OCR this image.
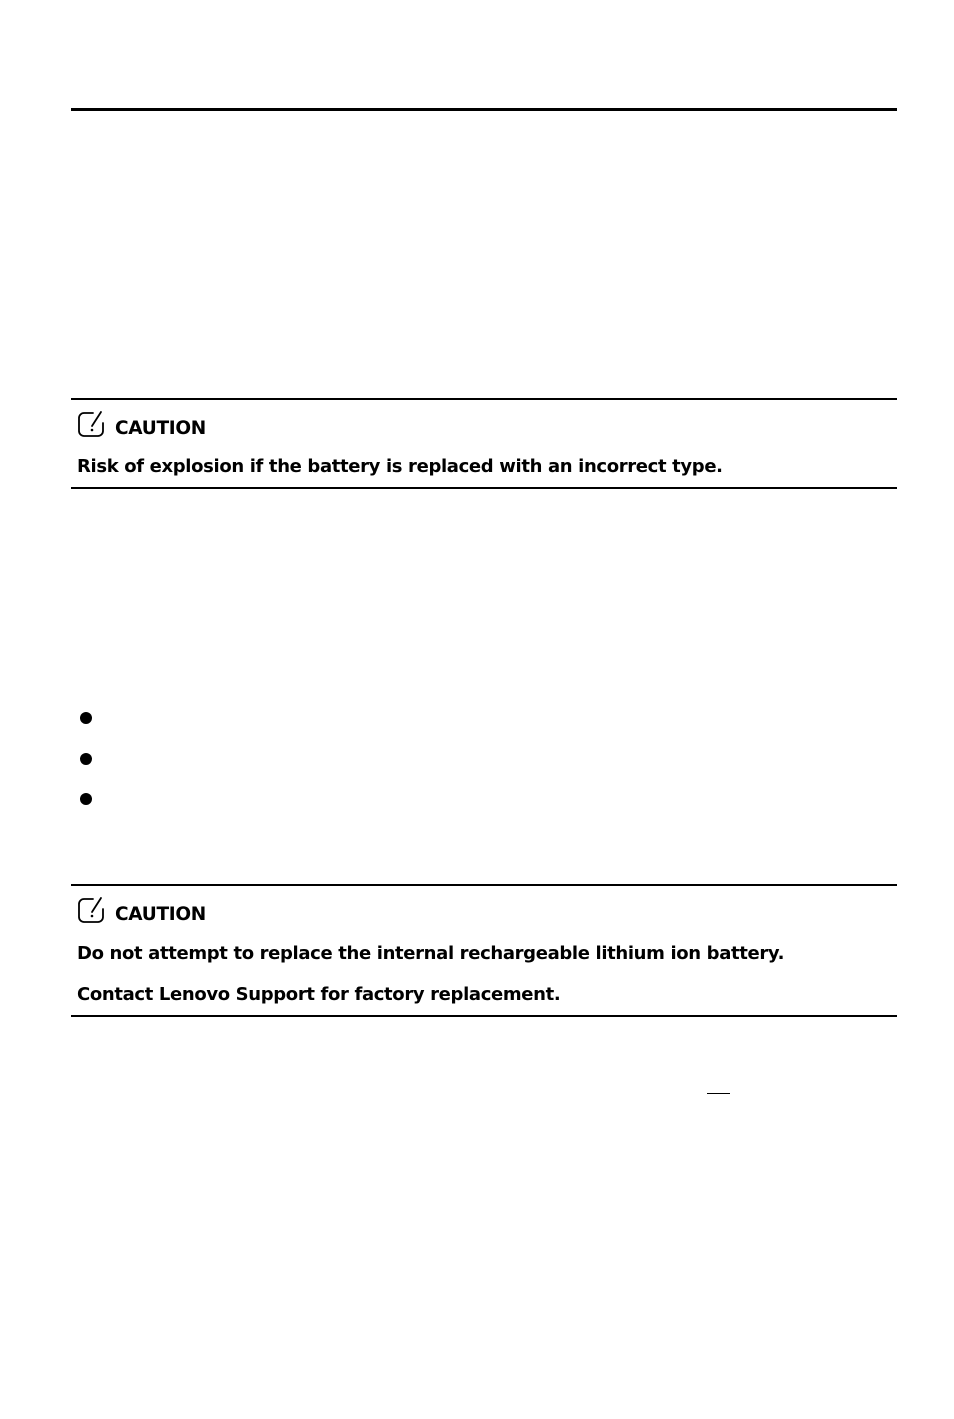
CAUTION
Risk of explosion if the battery is replaced with an incorrect type.
CAUTION
Do not attempt to replace the internal rechargeable lithium ion battery. Contact Lenovo Support for factory replacement.
